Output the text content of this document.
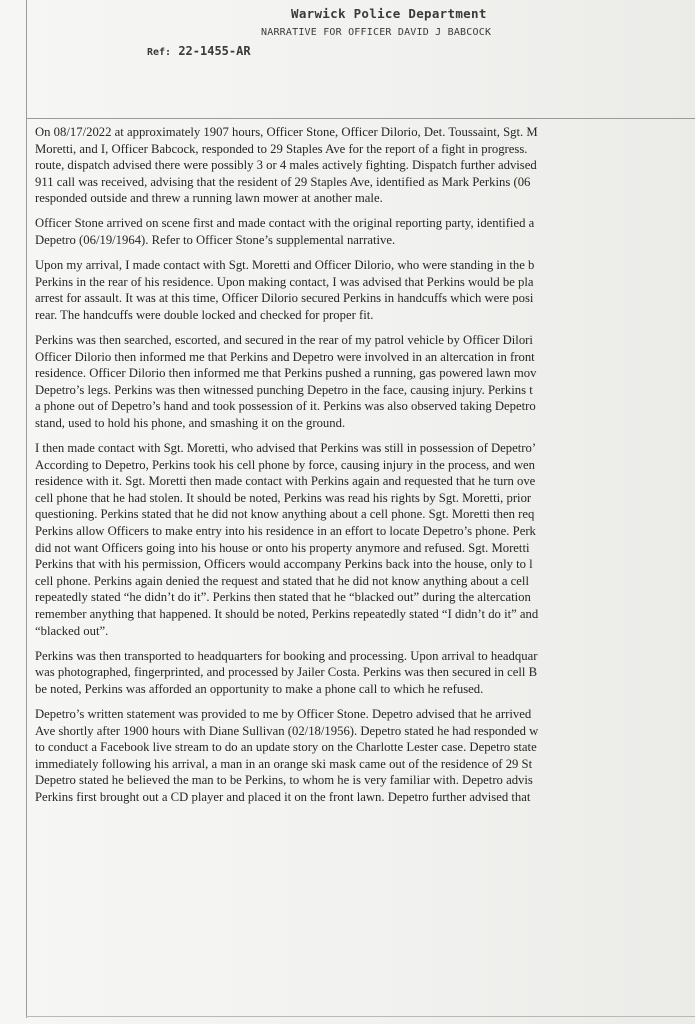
Warwick Police Department
NARRATIVE FOR OFFICER DAVID J BABCOCK
Ref: 22-1455-AR
On 08/17/2022 at approximately 1907 hours, Officer Stone, Officer Dilorio, Det. Toussaint, Sgt. M
Moretti, and I, Officer Babcock, responded to 29 Staples Ave for the report of a fight in progress.
route, dispatch advised there were possibly 3 or 4 males actively fighting. Dispatch further advised
911 call was received, advising that the resident of 29 Staples Ave, identified as Mark Perkins (06
responded outside and threw a running lawn mower at another male.
Officer Stone arrived on scene first and made contact with the original reporting party, identified a
Depetro (06/19/1964). Refer to Officer Stone’s supplemental narrative.
Upon my arrival, I made contact with Sgt. Moretti and Officer Dilorio, who were standing in the b
Perkins in the rear of his residence. Upon making contact, I was advised that Perkins would be pla
arrest for assault. It was at this time, Officer Dilorio secured Perkins in handcuffs which were posi
rear. The handcuffs were double locked and checked for proper fit.
Perkins was then searched, escorted, and secured in the rear of my patrol vehicle by Officer Dilori
Officer Dilorio then informed me that Perkins and Depetro were involved in an altercation in front
residence. Officer Dilorio then informed me that Perkins pushed a running, gas powered lawn mov
Depetro’s legs. Perkins was then witnessed punching Depetro in the face, causing injury. Perkins t
a phone out of Depetro’s hand and took possession of it. Perkins was also observed taking Depetro
stand, used to hold his phone, and smashing it on the ground.
I then made contact with Sgt. Moretti, who advised that Perkins was still in possession of Depetro’
According to Depetro, Perkins took his cell phone by force, causing injury in the process, and wen
residence with it. Sgt. Moretti then made contact with Perkins again and requested that he turn ove
cell phone that he had stolen. It should be noted, Perkins was read his rights by Sgt. Moretti, prior
questioning. Perkins stated that he did not know anything about a cell phone. Sgt. Moretti then req
Perkins allow Officers to make entry into his residence in an effort to locate Depetro’s phone. Perk
did not want Officers going into his house or onto his property anymore and refused. Sgt. Moretti
Perkins that with his permission, Officers would accompany Perkins back into the house, only to l
cell phone. Perkins again denied the request and stated that he did not know anything about a cell
repeatedly stated “he didn’t do it”. Perkins then stated that he “blacked out” during the altercation
remember anything that happened. It should be noted, Perkins repeatedly stated “I didn’t do it” and
“blacked out”.
Perkins was then transported to headquarters for booking and processing. Upon arrival to headquar
was photographed, fingerprinted, and processed by Jailer Costa. Perkins was then secured in cell B
be noted, Perkins was afforded an opportunity to make a phone call to which he refused.
Depetro’s written statement was provided to me by Officer Stone. Depetro advised that he arrived
Ave shortly after 1900 hours with Diane Sullivan (02/18/1956). Depetro stated he had responded w
to conduct a Facebook live stream to do an update story on the Charlotte Lester case. Depetro state
immediately following his arrival, a man in an orange ski mask came out of the residence of 29 St
Depetro stated he believed the man to be Perkins, to whom he is very familiar with. Depetro advis
Perkins first brought out a CD player and placed it on the front lawn. Depetro further advised that
